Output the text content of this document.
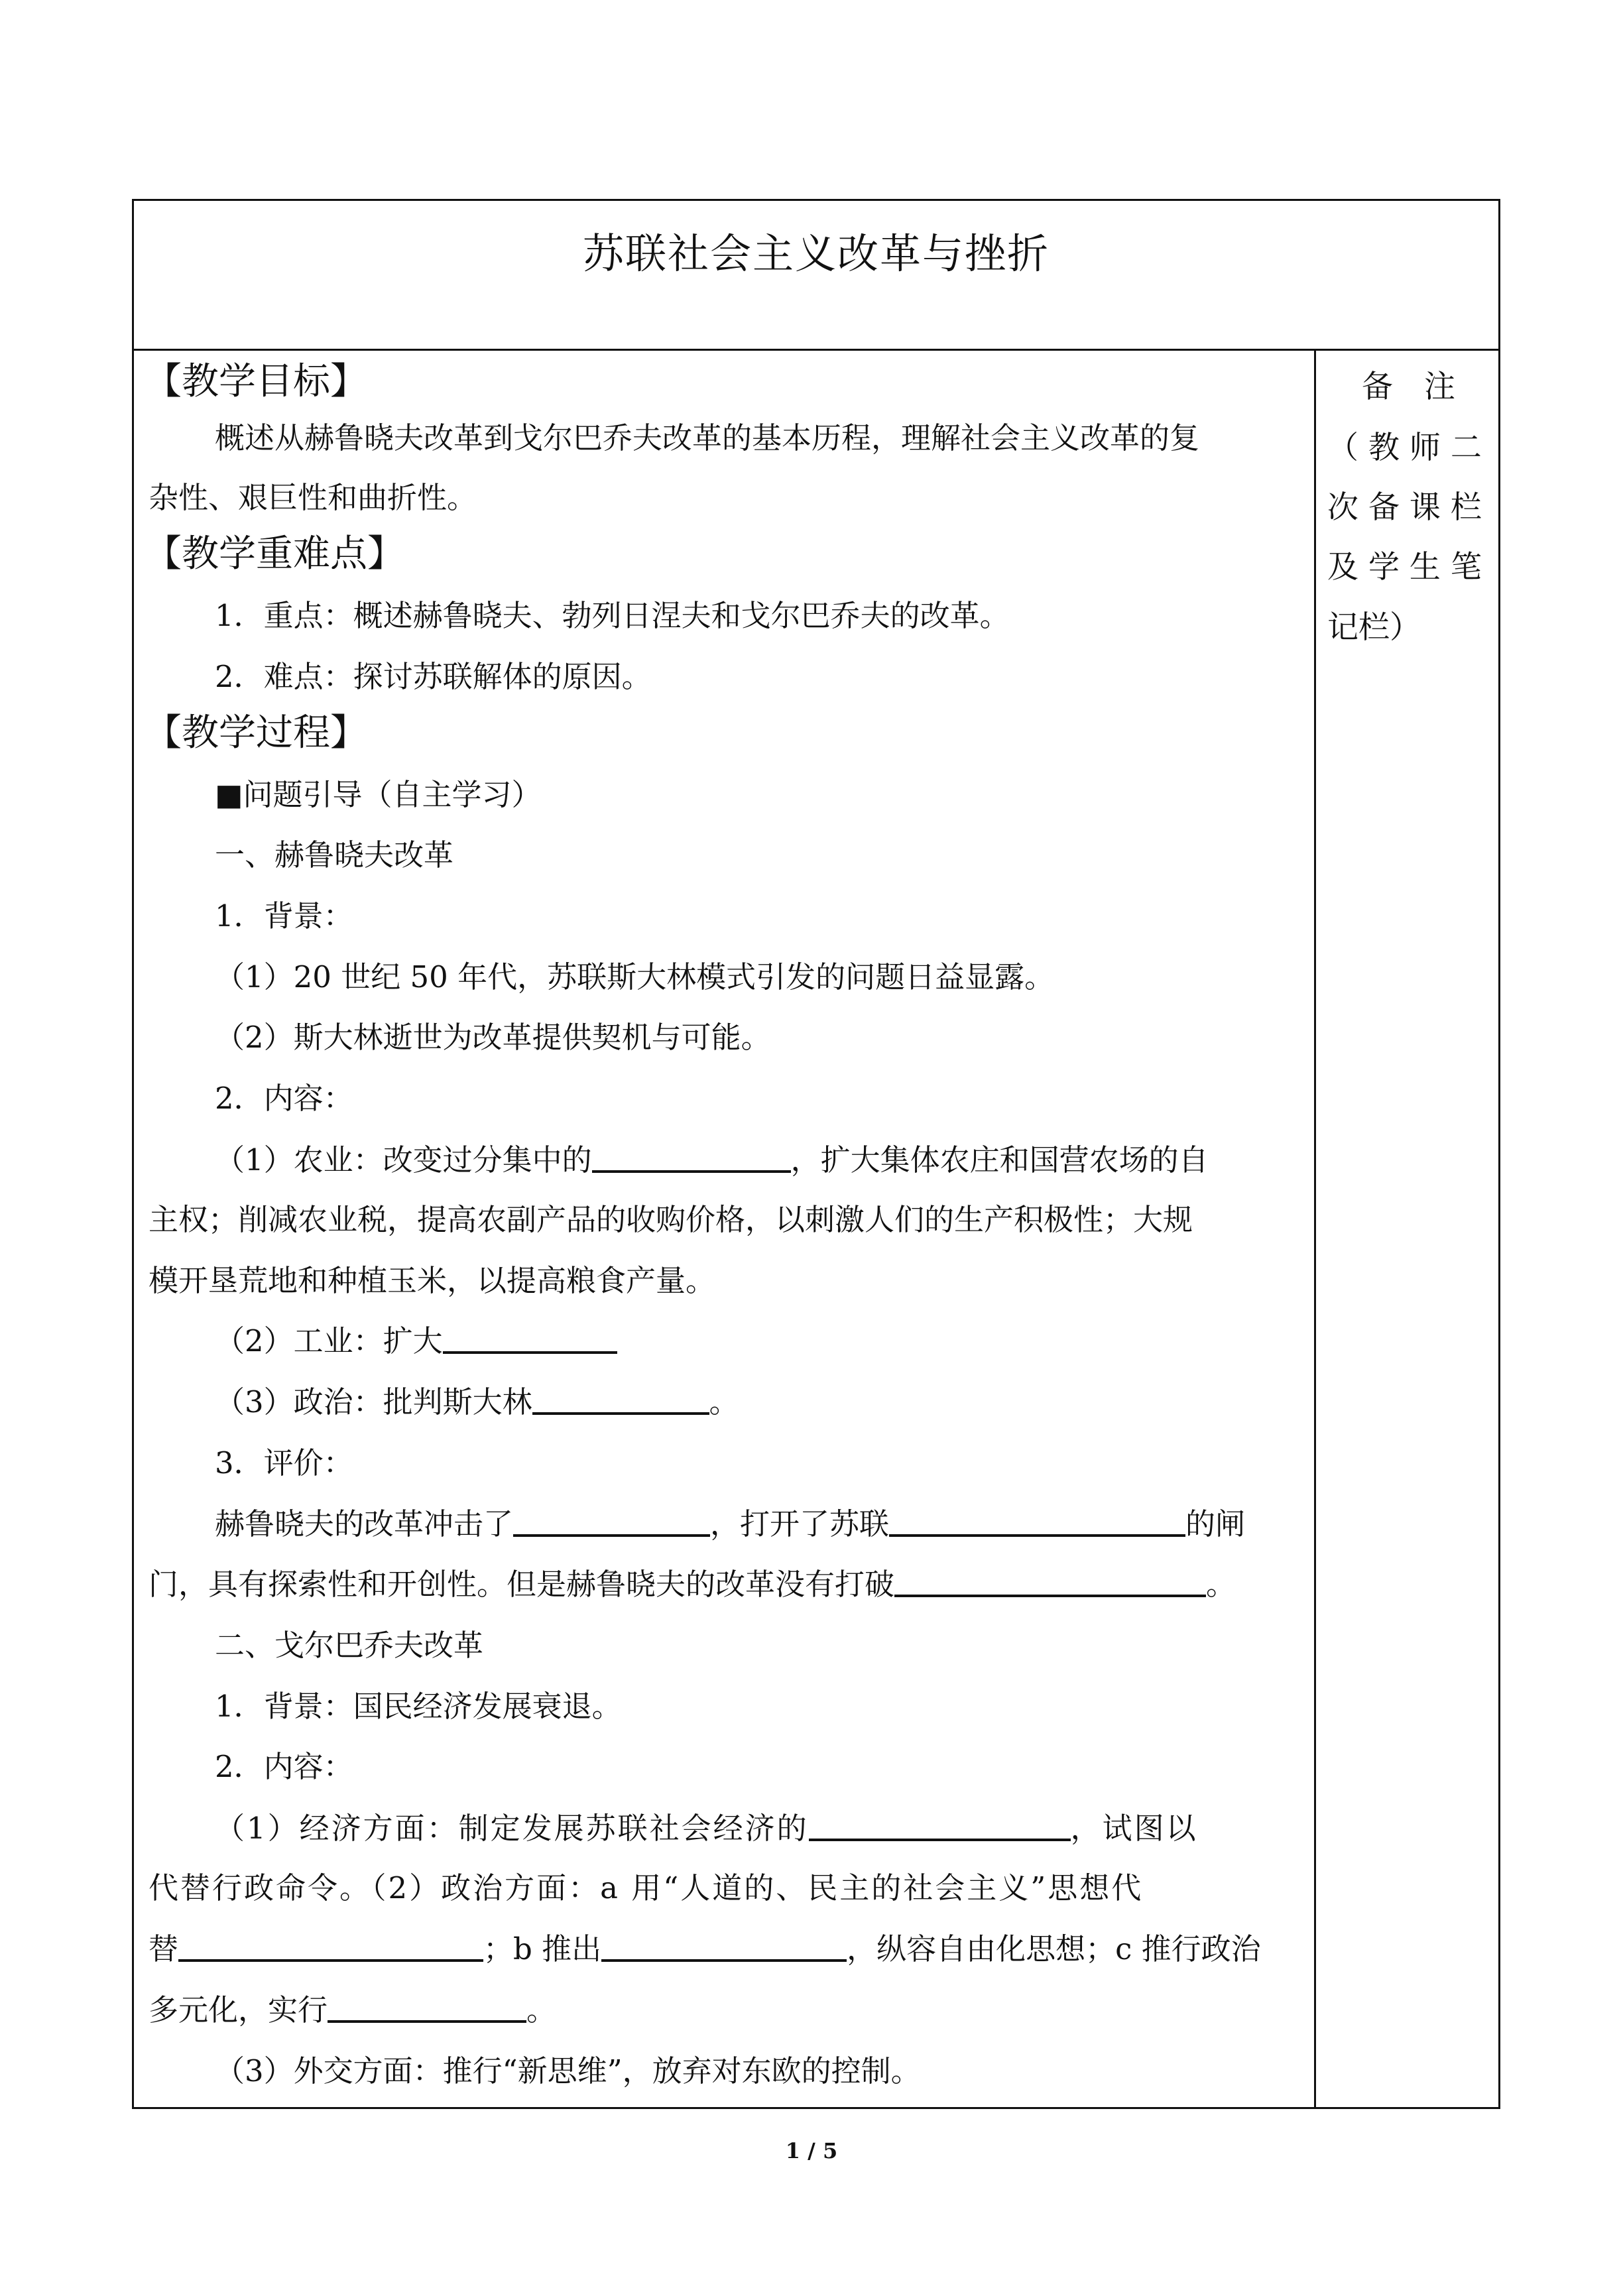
苏联社会主义改革与挫折
【教学目标】
概述从赫鲁晓夫改革到戈尔巴乔夫改革的基本历程，理解社会主义改革的复
杂性、艰巨性和曲折性。
【教学重难点】
1．重点：概述赫鲁晓夫、勃列日涅夫和戈尔巴乔夫的改革。
2．难点：探讨苏联解体的原因。
【教学过程】
■问题引导（自主学习）
一、赫鲁晓夫改革
1．背景：
（1）20 世纪 50 年代，苏联斯大林模式引发的问题日益显露。
（2）斯大林逝世为改革提供契机与可能。
2．内容：
（1）农业：改变过分集中的	，扩大集体农庄和国营农场的自
主权；削减农业税，提高农副产品的收购价格，以刺激人们的生产积极性；大规
模开垦荒地和种植玉米，以提高粮食产量。
（2）工业：扩大
（3）政治：批判斯大林	。
3．评价：
赫鲁晓夫的改革冲击了	，打开了苏联	的闸
门，具有探索性和开创性。但是赫鲁晓夫的改革没有打破	。
二、戈尔巴乔夫改革
1．背景：国民经济发展衰退。
2．内容：
（1）经济方面：制定发展苏联社会经济的	，试图以
代替行政命令。（2）政治方面：a 用“人道的、民主的社会主义”思想代
替	；b 推出	，纵容自由化思想；c 推行政治
多元化，实行	。
（3）外交方面：推行“新思维”，放弃对东欧的控制。
备　注
（ 教 师 二
次 备 课 栏
及 学 生 笔
记栏）
1 / 5
